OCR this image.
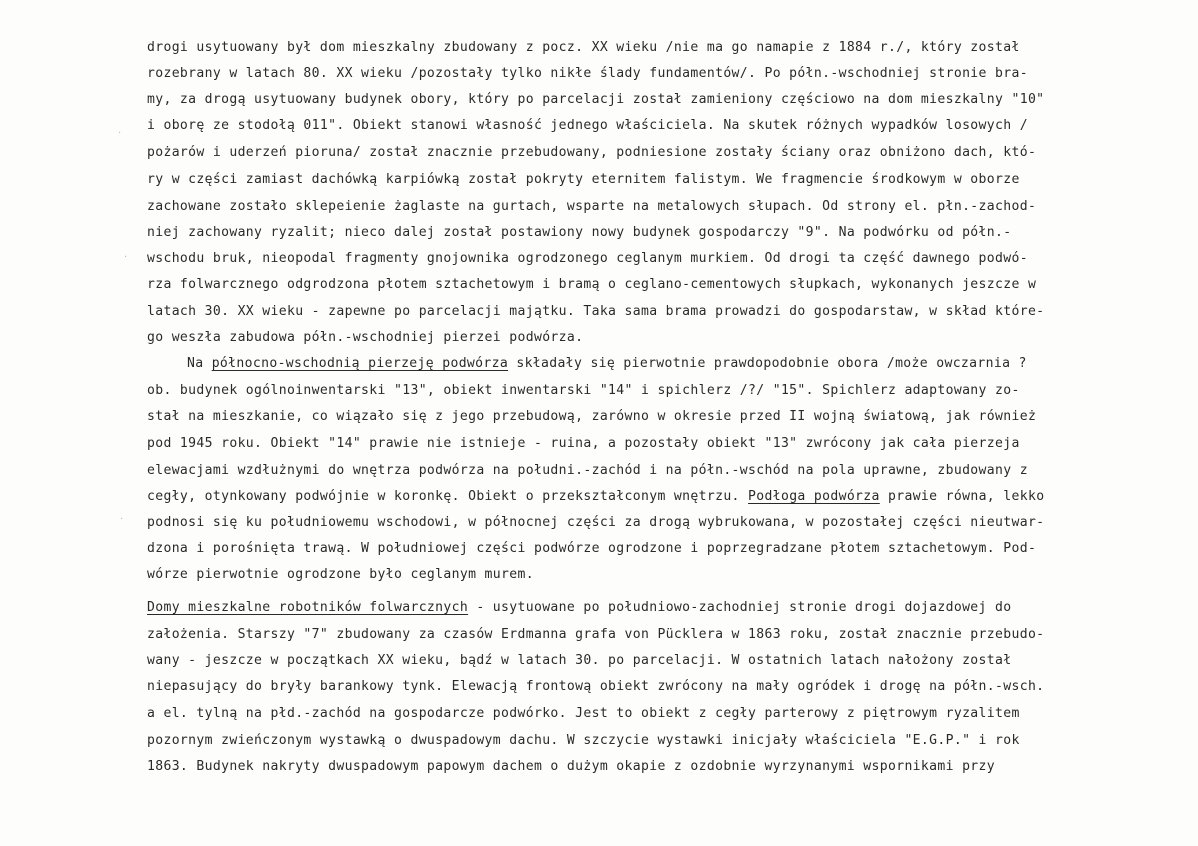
drogi usytuowany był dom mieszkalny zbudowany z pocz. XX wieku /nie ma go namapie z 1884 r./, który został
rozebrany w latach 80. XX wieku /pozostały tylko nikłe ślady fundamentów/. Po półn.-wschodniej stronie bra-
my, za drogą usytuowany budynek obory, który po parcelacji został zamieniony częściowo na dom mieszkalny "10"
i oborę ze stodołą 011". Obiekt stanowi własność jednego właściciela. Na skutek różnych wypadków losowych /
pożarów i uderzeń pioruna/ został znacznie przebudowany, podniesione zostały ściany oraz obniżono dach, któ-
ry w części zamiast dachówką karpiówką został pokryty eternitem falistym. We fragmencie środkowym w oborze
zachowane zostało sklepeienie żaglaste na gurtach, wsparte na metalowych słupach. Od strony el. płn.-zachod-
niej zachowany ryzalit; nieco dalej został postawiony nowy budynek gospodarczy "9". Na podwórku od półn.-
wschodu bruk, nieopodal fragmenty gnojownika ogrodzonego ceglanym murkiem. Od drogi ta część dawnego podwó-
rza folwarcznego odgrodzona płotem sztachetowym i bramą o ceglano-cementowych słupkach, wykonanych jeszcze w
latach 30. XX wieku - zapewne po parcelacji majątku. Taka sama brama prowadzi do gospodarstaw, w skład które-
go weszła zabudowa półn.-wschodniej pierzei podwórza.
Na północno-wschodnią pierzeję podwórza składały się pierwotnie prawdopodobnie obora /może owczarnia ?
ob. budynek ogólnoinwentarski "13", obiekt inwentarski "14" i spichlerz /?/ "15". Spichlerz adaptowany zo-
stał na mieszkanie, co wiązało się z jego przebudową, zarówno w okresie przed II wojną światową, jak również
pod 1945 roku. Obiekt "14" prawie nie istnieje - ruina, a pozostały obiekt "13" zwrócony jak cała pierzeja
elewacjami wzdłużnymi do wnętrza podwórza na południ.-zachód i na półn.-wschód na pola uprawne, zbudowany z
cegły, otynkowany podwójnie w koronkę. Obiekt o przekształconym wnętrzu. Podłoga podwórza prawie równa, lekko
podnosi się ku południowemu wschodowi, w północnej części za drogą wybrukowana, w pozostałej części nieutwar-
dzona i porośnięta trawą. W południowej części podwórze ogrodzone i poprzegradzane płotem sztachetowym. Pod-
wórze pierwotnie ogrodzone było ceglanym murem.
Domy mieszkalne robotników folwarcznych - usytuowane po południowo-zachodniej stronie drogi dojazdowej do
założenia. Starszy "7" zbudowany za czasów Erdmanna grafa von Pücklera w 1863 roku, został znacznie przebudo-
wany - jeszcze w początkach XX wieku, bądź w latach 30. po parcelacji. W ostatnich latach nałożony został
niepasujący do bryły barankowy tynk. Elewacją frontową obiekt zwrócony na mały ogródek i drogę na półn.-wsch.
a el. tylną na płd.-zachód na gospodarcze podwórko. Jest to obiekt z cegły parterowy z piętrowym ryzalitem
pozornym zwieńczonym wystawką o dwuspadowym dachu. W szczycie wystawki inicjały właściciela "E.G.P." i rok
1863. Budynek nakryty dwuspadowym papowym dachem o dużym okapie z ozdobnie wyrzynanymi wspornikami przy
·
·
·
